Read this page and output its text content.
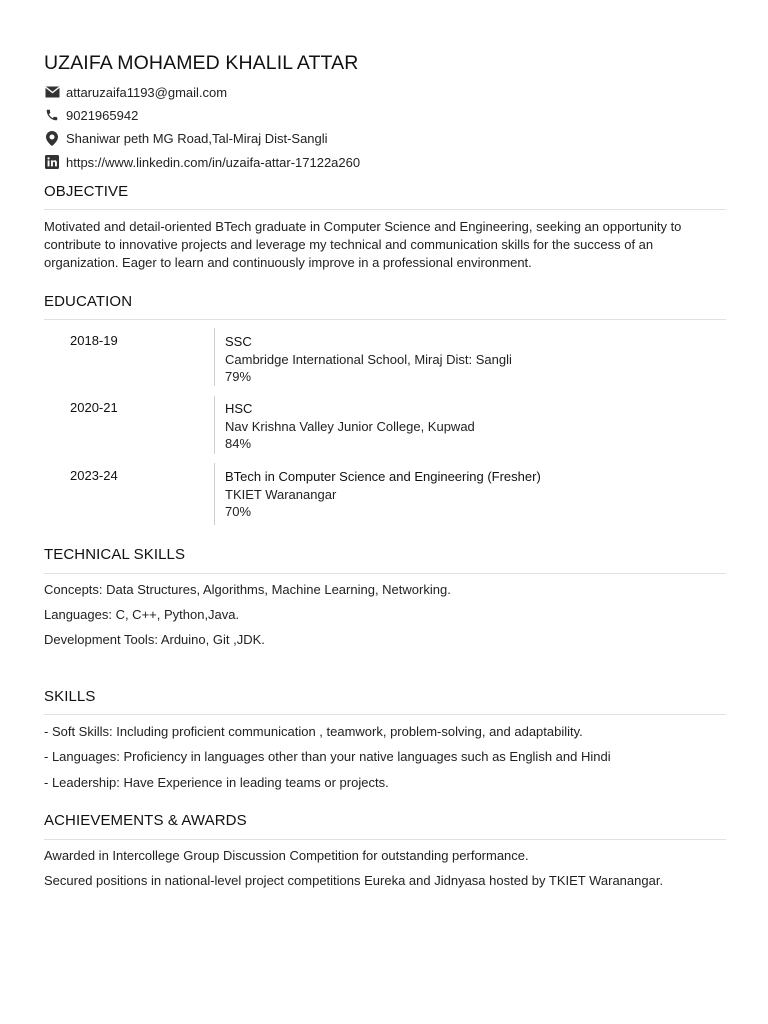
UZAIFA MOHAMED KHALIL ATTAR
attaruzaifa1193@gmail.com
9021965942
Shaniwar peth MG Road,Tal-Miraj Dist-Sangli
https://www.linkedin.com/in/uzaifa-attar-17122a260
OBJECTIVE

Motivated and detail-oriented BTech graduate in Computer Science and Engineering, seeking an opportunity to contribute to innovative projects and leverage my technical and communication skills for the success of an organization. Eager to learn and continuously improve in a professional environment.

EDUCATION
2018-19	SSC
Cambridge International School, Miraj Dist: Sangli
79%
2020-21	HSC
Nav Krishna Valley Junior College, Kupwad
84%
2023-24	BTech in Computer Science and Engineering (Fresher)
TKIET Waranangar
70%
TECHNICAL SKILLS
Concepts: Data Structures, Algorithms, Machine Learning, Networking.
Languages: C, C++, Python,Java.
Development Tools: Arduino, Git ,JDK.
SKILLS
- Soft Skills: Including proficient communication , teamwork, problem-solving, and adaptability.
- Languages: Proficiency in languages other than your native languages such as English and Hindi
- Leadership: Have Experience in leading teams or projects.
ACHIEVEMENTS & AWARDS
Awarded in Intercollege Group Discussion Competition for outstanding performance.
Secured positions in national-level project competitions Eureka and Jidnyasa hosted by TKIET Waranangar.
